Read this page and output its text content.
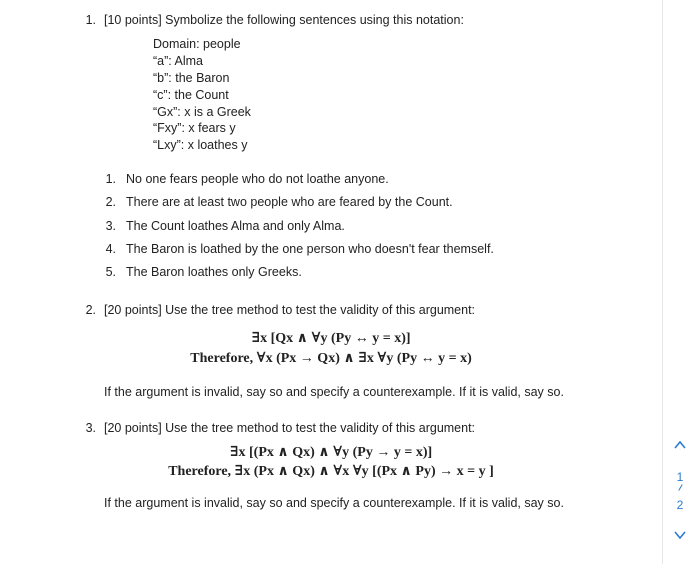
1. [10 points] Symbolize the following sentences using this notation:
Domain: people
“a”: Alma
“b”: the Baron
“c”: the Count
“Gx”: x is a Greek
“Fxy”: x fears y
“Lxy”: x loathes y
1. No one fears people who do not loathe anyone.
2. There are at least two people who are feared by the Count.
3. The Count loathes Alma and only Alma.
4. The Baron is loathed by the one person who doesn't fear themself.
5. The Baron loathes only Greeks.
2. [20 points] Use the tree method to test the validity of this argument:
∃x [Qx ∧ ∀y (Py ↔ y = x)]
Therefore, ∀x (Px → Qx) ∧ ∃x ∀y (Py ↔ y = x)
If the argument is invalid, say so and specify a counterexample. If it is valid, say so.
3. [20 points] Use the tree method to test the validity of this argument:
∃x [(Px ∧ Qx) ∧ ∀y (Py → y = x)]
Therefore, ∃x (Px ∧ Qx) ∧ ∀x ∀y [(Px ∧ Py) → x = y ]
If the argument is invalid, say so and specify a counterexample. If it is valid, say so.
1
2
